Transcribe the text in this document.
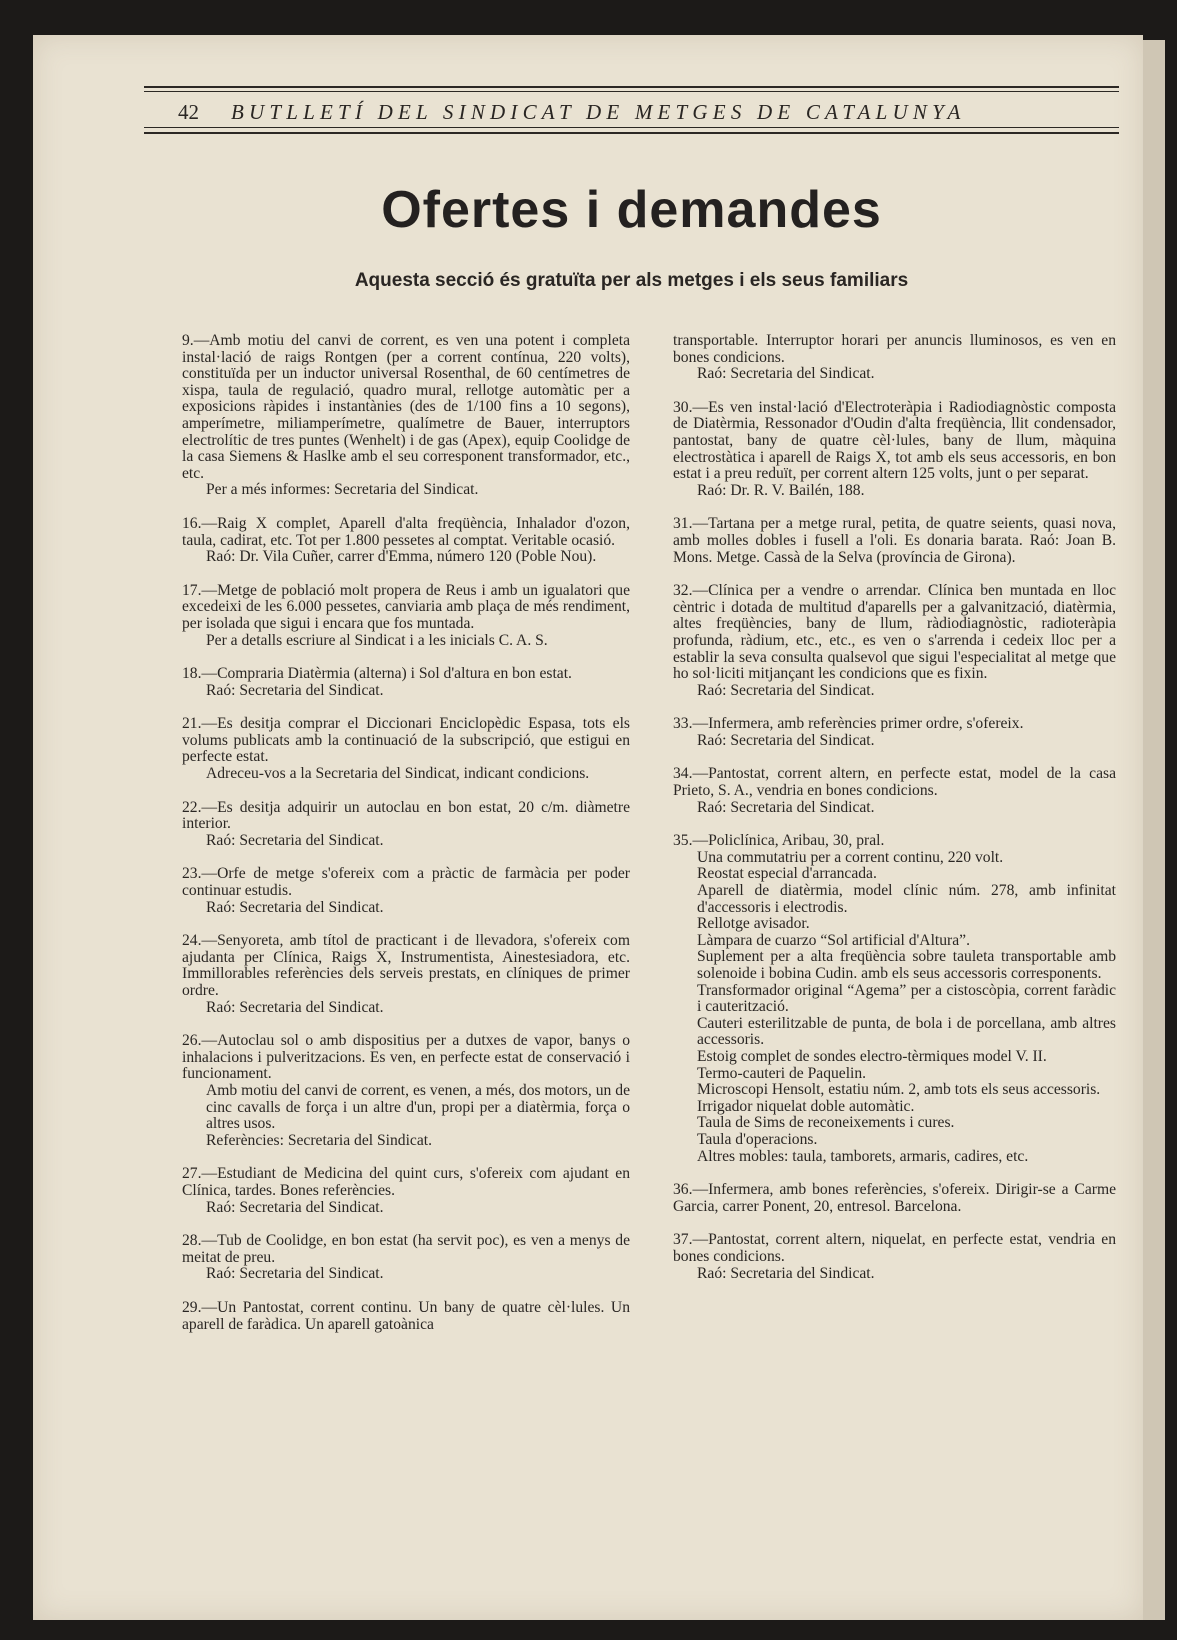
42 BUTLLETÍ DEL SINDICAT DE METGES DE CATALUNYA
Ofertes i demandes
Aquesta secció és gratuïta per als metges i els seus familiars

9.—Amb motiu del canvi de corrent, es ven una potent i completa instal·lació de raigs Rontgen (per a corrent contínua, 220 volts), constituïda per un inductor universal Rosenthal, de 60 centímetres de xispa, taula de regulació, quadro mural, rellotge automàtic per a exposicions ràpides i instantànies (des de 1/100 fins a 10 segons), amperímetre, miliamperímetre, qualímetre de Bauer, interruptors electrolític de tres puntes (Wenhelt) i de gas (Apex), equip Coolidge de la casa Siemens & Haslke amb el seu corresponent transformador, etc., etc.

Per a més informes: Secretaria del Sindicat.

16.—Raig X complet, Aparell d'alta freqüència, Inhalador d'ozon, taula, cadirat, etc. Tot per 1.800 pessetes al comptat. Veritable ocasió.

Raó: Dr. Vila Cuñer, carrer d'Emma, número 120 (Poble Nou).

17.—Metge de població molt propera de Reus i amb un igualatori que excedeixi de les 6.000 pessetes, canviaria amb plaça de més rendiment, per isolada que sigui i encara que fos muntada.

Per a detalls escriure al Sindicat i a les inicials C. A. S.

18.—Compraria Diatèrmia (alterna) i Sol d'altura en bon estat.

Raó: Secretaria del Sindicat.

21.—Es desitja comprar el Diccionari Enciclopèdic Espasa, tots els volums publicats amb la continuació de la subscripció, que estigui en perfecte estat.

Adreceu-vos a la Secretaria del Sindicat, indicant condicions.

22.—Es desitja adquirir un autoclau en bon estat, 20 c/m. diàmetre interior.

Raó: Secretaria del Sindicat.

23.—Orfe de metge s'ofereix com a pràctic de farmàcia per poder continuar estudis.

Raó: Secretaria del Sindicat.

24.—Senyoreta, amb títol de practicant i de llevadora, s'ofereix com ajudanta per Clínica, Raigs X, Instrumentista, Ainestesiadora, etc. Immillorables referències dels serveis prestats, en clíniques de primer ordre.

Raó: Secretaria del Sindicat.

26.—Autoclau sol o amb dispositius per a dutxes de vapor, banys o inhalacions i pulveritzacions. Es ven, en perfecte estat de conservació i funcionament.

Amb motiu del canvi de corrent, es venen, a més, dos motors, un de cinc cavalls de força i un altre d'un, propi per a diatèrmia, força o altres usos.

Referències: Secretaria del Sindicat.

27.—Estudiant de Medicina del quint curs, s'ofereix com ajudant en Clínica, tardes. Bones referències.

Raó: Secretaria del Sindicat.

28.—Tub de Coolidge, en bon estat (ha servit poc), es ven a menys de meitat de preu.

Raó: Secretaria del Sindicat.

29.—Un Pantostat, corrent continu. Un bany de quatre cèl·lules. Un aparell de faràdica. Un aparell gatoànica

transportable. Interruptor horari per anuncis lluminosos, es ven en bones condicions.

Raó: Secretaria del Sindicat.

30.—Es ven instal·lació d'Electroteràpia i Radiodiagnòstic composta de Diatèrmia, Ressonador d'Oudin d'alta freqüència, llit condensador, pantostat, bany de quatre cèl·lules, bany de llum, màquina electrostàtica i aparell de Raigs X, tot amb els seus accessoris, en bon estat i a preu reduït, per corrent altern 125 volts, junt o per separat.

Raó: Dr. R. V. Bailén, 188.

31.—Tartana per a metge rural, petita, de quatre seients, quasi nova, amb molles dobles i fusell a l'oli. Es donaria barata. Raó: Joan B. Mons. Metge. Cassà de la Selva (província de Girona).

32.—Clínica per a vendre o arrendar. Clínica ben muntada en lloc cèntric i dotada de multitud d'aparells per a galvanització, diatèrmia, altes freqüències, bany de llum, ràdiodiagnòstic, radioteràpia profunda, ràdium, etc., etc., es ven o s'arrenda i cedeix lloc per a establir la seva consulta qualsevol que sigui l'especialitat al metge que ho sol·liciti mitjançant les condicions que es fixin.

Raó: Secretaria del Sindicat.

33.—Infermera, amb referències primer ordre, s'ofereix.

Raó: Secretaria del Sindicat.

34.—Pantostat, corrent altern, en perfecte estat, model de la casa Prieto, S. A., vendria en bones condicions.

Raó: Secretaria del Sindicat.

35.—Policlínica, Aribau, 30, pral.

Una commutatriu per a corrent continu, 220 volt.

Reostat especial d'arrancada.

Aparell de diatèrmia, model clínic núm. 278, amb infinitat d'accessoris i electrodis.

Rellotge avisador.

Làmpara de cuarzo “Sol artificial d'Altura”.

Suplement per a alta freqüència sobre tauleta transportable amb solenoide i bobina Cudin. amb els seus accessoris corresponents.

Transformador original “Agema” per a cistoscòpia, corrent faràdic i cauterització.

Cauteri esterilitzable de punta, de bola i de porcellana, amb altres accessoris.

Estoig complet de sondes electro-tèrmiques model V. II.

Termo-cauteri de Paquelin.

Microscopi Hensolt, estatiu núm. 2, amb tots els seus accessoris.

Irrigador niquelat doble automàtic.

Taula de Sims de reconeixements i cures.

Taula d'operacions.

Altres mobles: taula, tamborets, armaris, cadires, etc.

36.—Infermera, amb bones referències, s'ofereix. Dirigir-se a Carme Garcia, carrer Ponent, 20, entresol. Barcelona.

37.—Pantostat, corrent altern, niquelat, en perfecte estat, vendria en bones condicions.

Raó: Secretaria del Sindicat.
